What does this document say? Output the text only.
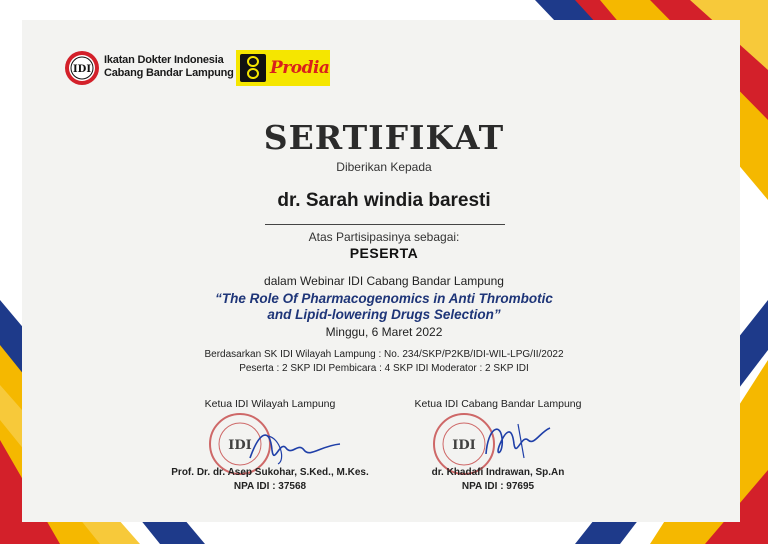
IDI
Ikatan Dokter Indonesia
Cabang Bandar Lampung Prodia
SERTIFIKAT
Diberikan Kepada
dr. Sarah windia baresti
Atas Partisipasinya sebagai:
PESERTA
dalam Webinar IDI Cabang Bandar Lampung
“The Role Of Pharmacogenomics in Anti Thrombotic
and Lipid-lowering Drugs Selection”
Minggu, 6 Maret 2022
Berdasarkan SK IDI Wilayah Lampung : No. 234/SKP/P2KB/IDI-WIL-LPG/II/2022
Peserta : 2 SKP IDI Pembicara : 4 SKP IDI Moderator : 2 SKP IDI
Ketua IDI Wilayah Lampung
IDI
Prof. Dr. dr. Asep Sukohar, S.Ked., M.Kes.
NPA IDI : 37568
Ketua IDI Cabang Bandar Lampung
IDI
dr. Khadafi Indrawan, Sp.An
NPA IDI : 97695
